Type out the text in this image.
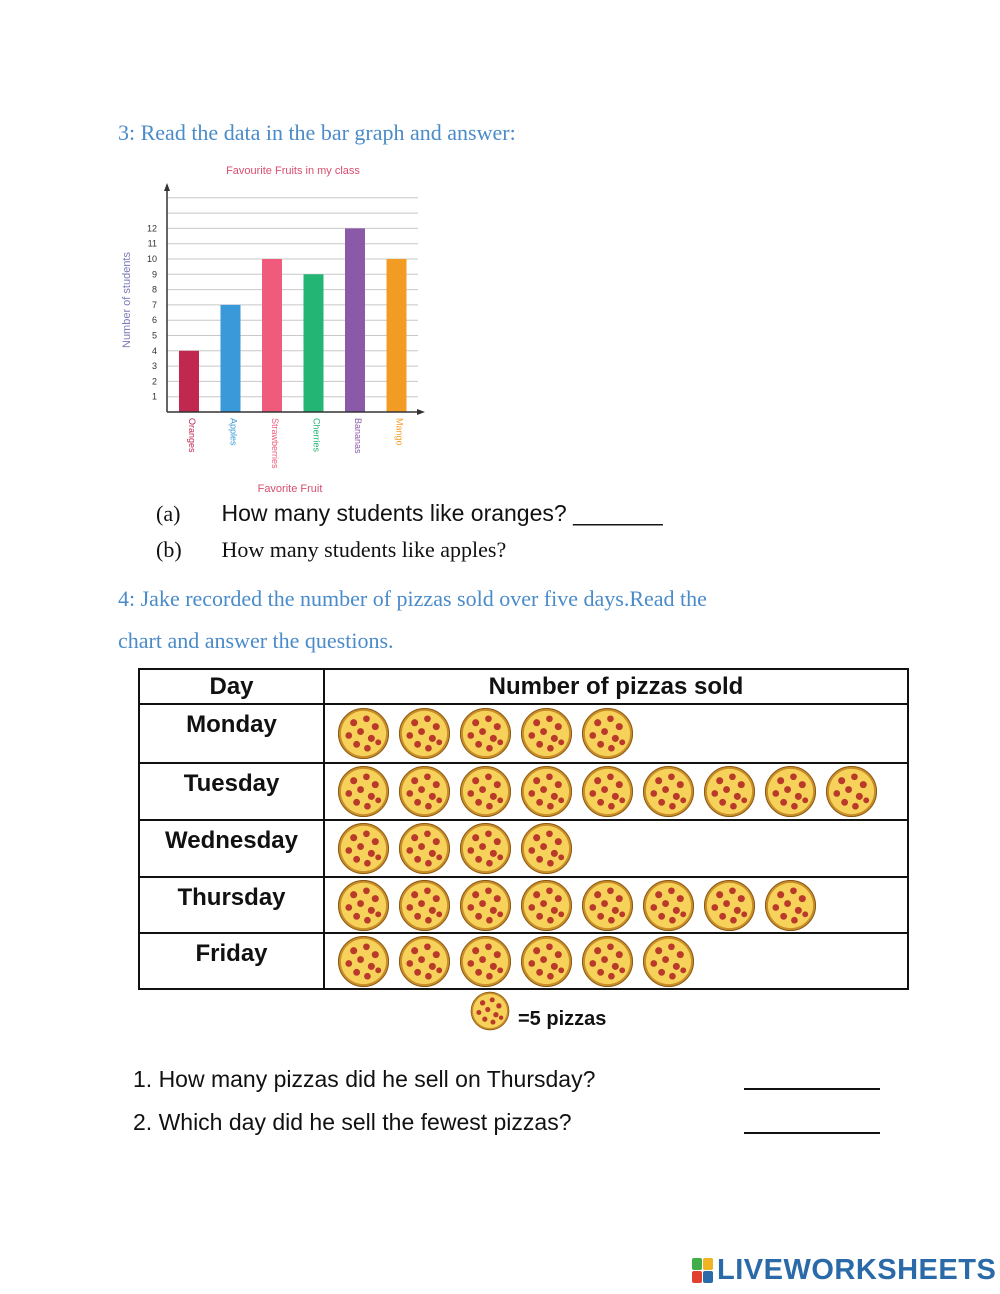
3: Read the data in the bar graph and answer:
1
2
3
4
5
6
7
8
9
10
11
12
Oranges	Apples	Strawberries	Cherries	Bananas	Mango
Favourite Fruits in my class
Number of students
Favorite Fruit
(a) How many students like oranges? _______
(b) How many students like apples?
4: Jake recorded the number of pizzas sold over five days.Read the
chart and answer the questions.
Day	Number of pizzas sold
Monday	

Tuesday	

Wednesday	

Thursday	

Friday	
=5 pizzas
1. How many pizzas did he sell on Thursday?
2. Which day did he sell the fewest pizzas?
LIVEWORKSHEETS
